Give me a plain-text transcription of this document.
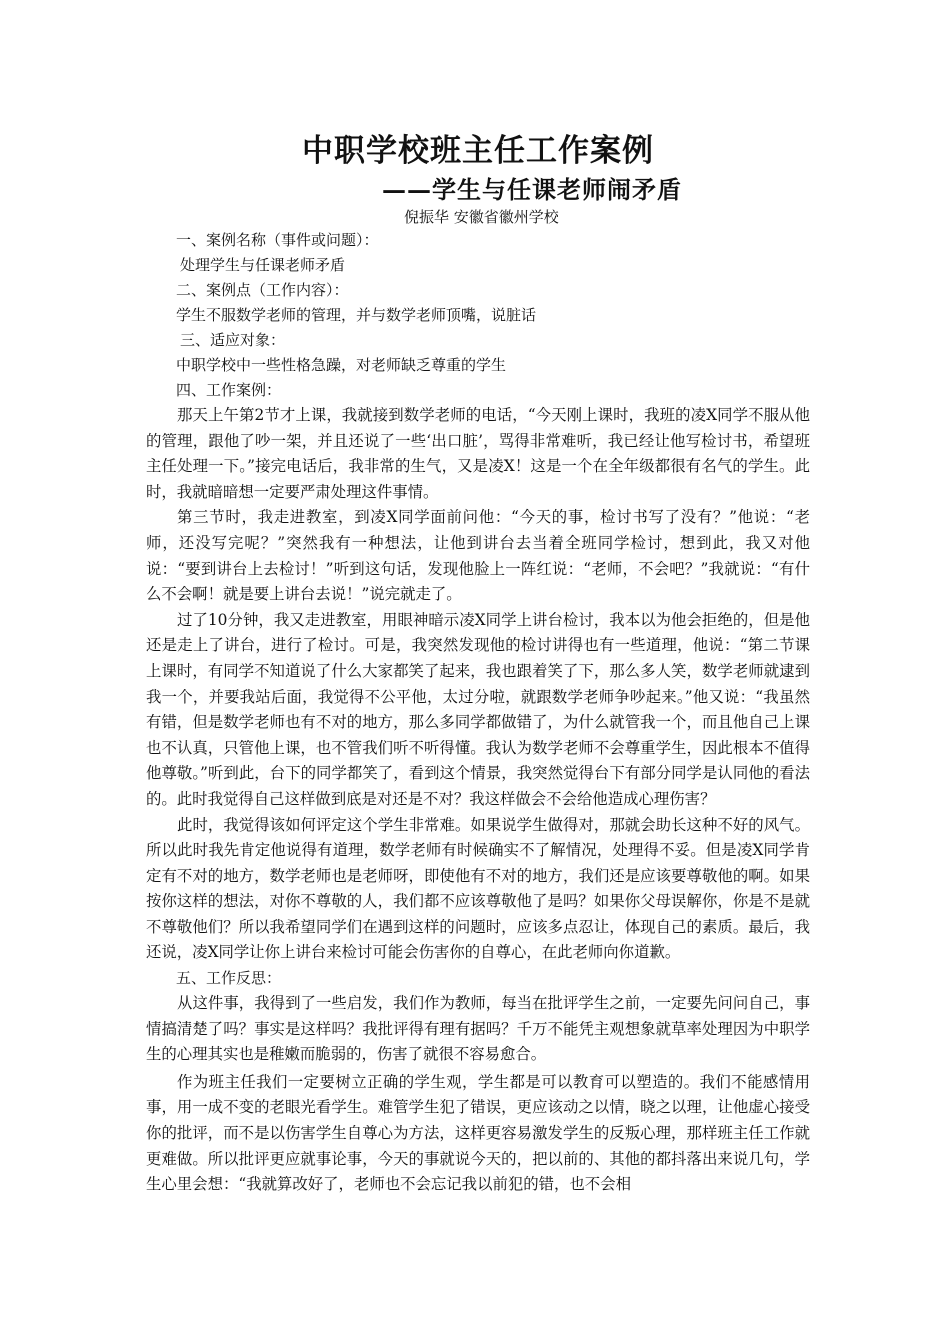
中职学校班主任工作案例
——学生与任课老师闹矛盾

倪振华 安徽省徽州学校

一、案例名称（事件或问题）：

处理学生与任课老师矛盾

二、案例点（工作内容）：

学生不服数学老师的管理，并与数学老师顶嘴，说脏话

三、适应对象：

中职学校中一些性格急躁，对老师缺乏尊重的学生

四、工作案例：

那天上午第2节才上课，我就接到数学老师的电话，“今天刚上课时，我班的凌X同学不服从他的管理，跟他了吵一架，并且还说了一些‘出口脏’，骂得非常难听，我已经让他写检讨书，希望班主任处理一下。”接完电话后，我非常的生气，又是凌X！这是一个在全年级都很有名气的学生。此时，我就暗暗想一定要严肃处理这件事情。

第三节时，我走进教室，到凌X同学面前问他：“今天的事，检讨书写了没有？”他说：“老师，还没写完呢？”突然我有一种想法，让他到讲台去当着全班同学检讨，想到此，我又对他说：“要到讲台上去检讨！”听到这句话，发现他脸上一阵红说：“老师，不会吧？”我就说：“有什么不会啊！就是要上讲台去说！”说完就走了。

过了10分钟，我又走进教室，用眼神暗示凌X同学上讲台检讨，我本以为他会拒绝的，但是他还是走上了讲台，进行了检讨。可是，我突然发现他的检讨讲得也有一些道理，他说：“第二节课上课时，有同学不知道说了什么大家都笑了起来，我也跟着笑了下，那么多人笑，数学老师就逮到我一个，并要我站后面，我觉得不公平他，太过分啦，就跟数学老师争吵起来。”他又说：“我虽然有错，但是数学老师也有不对的地方，那么多同学都做错了，为什么就管我一个，而且他自己上课也不认真，只管他上课，也不管我们听不听得懂。我认为数学老师不会尊重学生，因此根本不值得他尊敬。”听到此，台下的同学都笑了，看到这个情景，我突然觉得台下有部分同学是认同他的看法的。此时我觉得自己这样做到底是对还是不对？我这样做会不会给他造成心理伤害？

此时，我觉得该如何评定这个学生非常难。如果说学生做得对，那就会助长这种不好的风气。所以此时我先肯定他说得有道理，数学老师有时候确实不了解情况，处理得不妥。但是凌X同学肯定有不对的地方，数学老师也是老师呀，即使他有不对的地方，我们还是应该要尊敬他的啊。如果按你这样的想法，对你不尊敬的人，我们都不应该尊敬他了是吗？如果你父母误解你，你是不是就不尊敬他们？所以我希望同学们在遇到这样的问题时，应该多点忍让，体现自己的素质。最后，我还说，凌X同学让你上讲台来检讨可能会伤害你的自尊心，在此老师向你道歉。

五、工作反思：

从这件事，我得到了一些启发，我们作为教师，每当在批评学生之前，一定要先问问自己，事情搞清楚了吗？事实是这样吗？我批评得有理有据吗？千万不能凭主观想象就草率处理因为中职学生的心理其实也是稚嫩而脆弱的，伤害了就很不容易愈合。

作为班主任我们一定要树立正确的学生观，学生都是可以教育可以塑造的。我们不能感情用事，用一成不变的老眼光看学生。难管学生犯了错误，更应该动之以情，晓之以理，让他虚心接受你的批评，而不是以伤害学生自尊心为方法，这样更容易激发学生的反叛心理，那样班主任工作就更难做。所以批评更应就事论事，今天的事就说今天的，把以前的、其他的都抖落出来说几句，学生心里会想：“我就算改好了，老师也不会忘记我以前犯的错，也不会相
